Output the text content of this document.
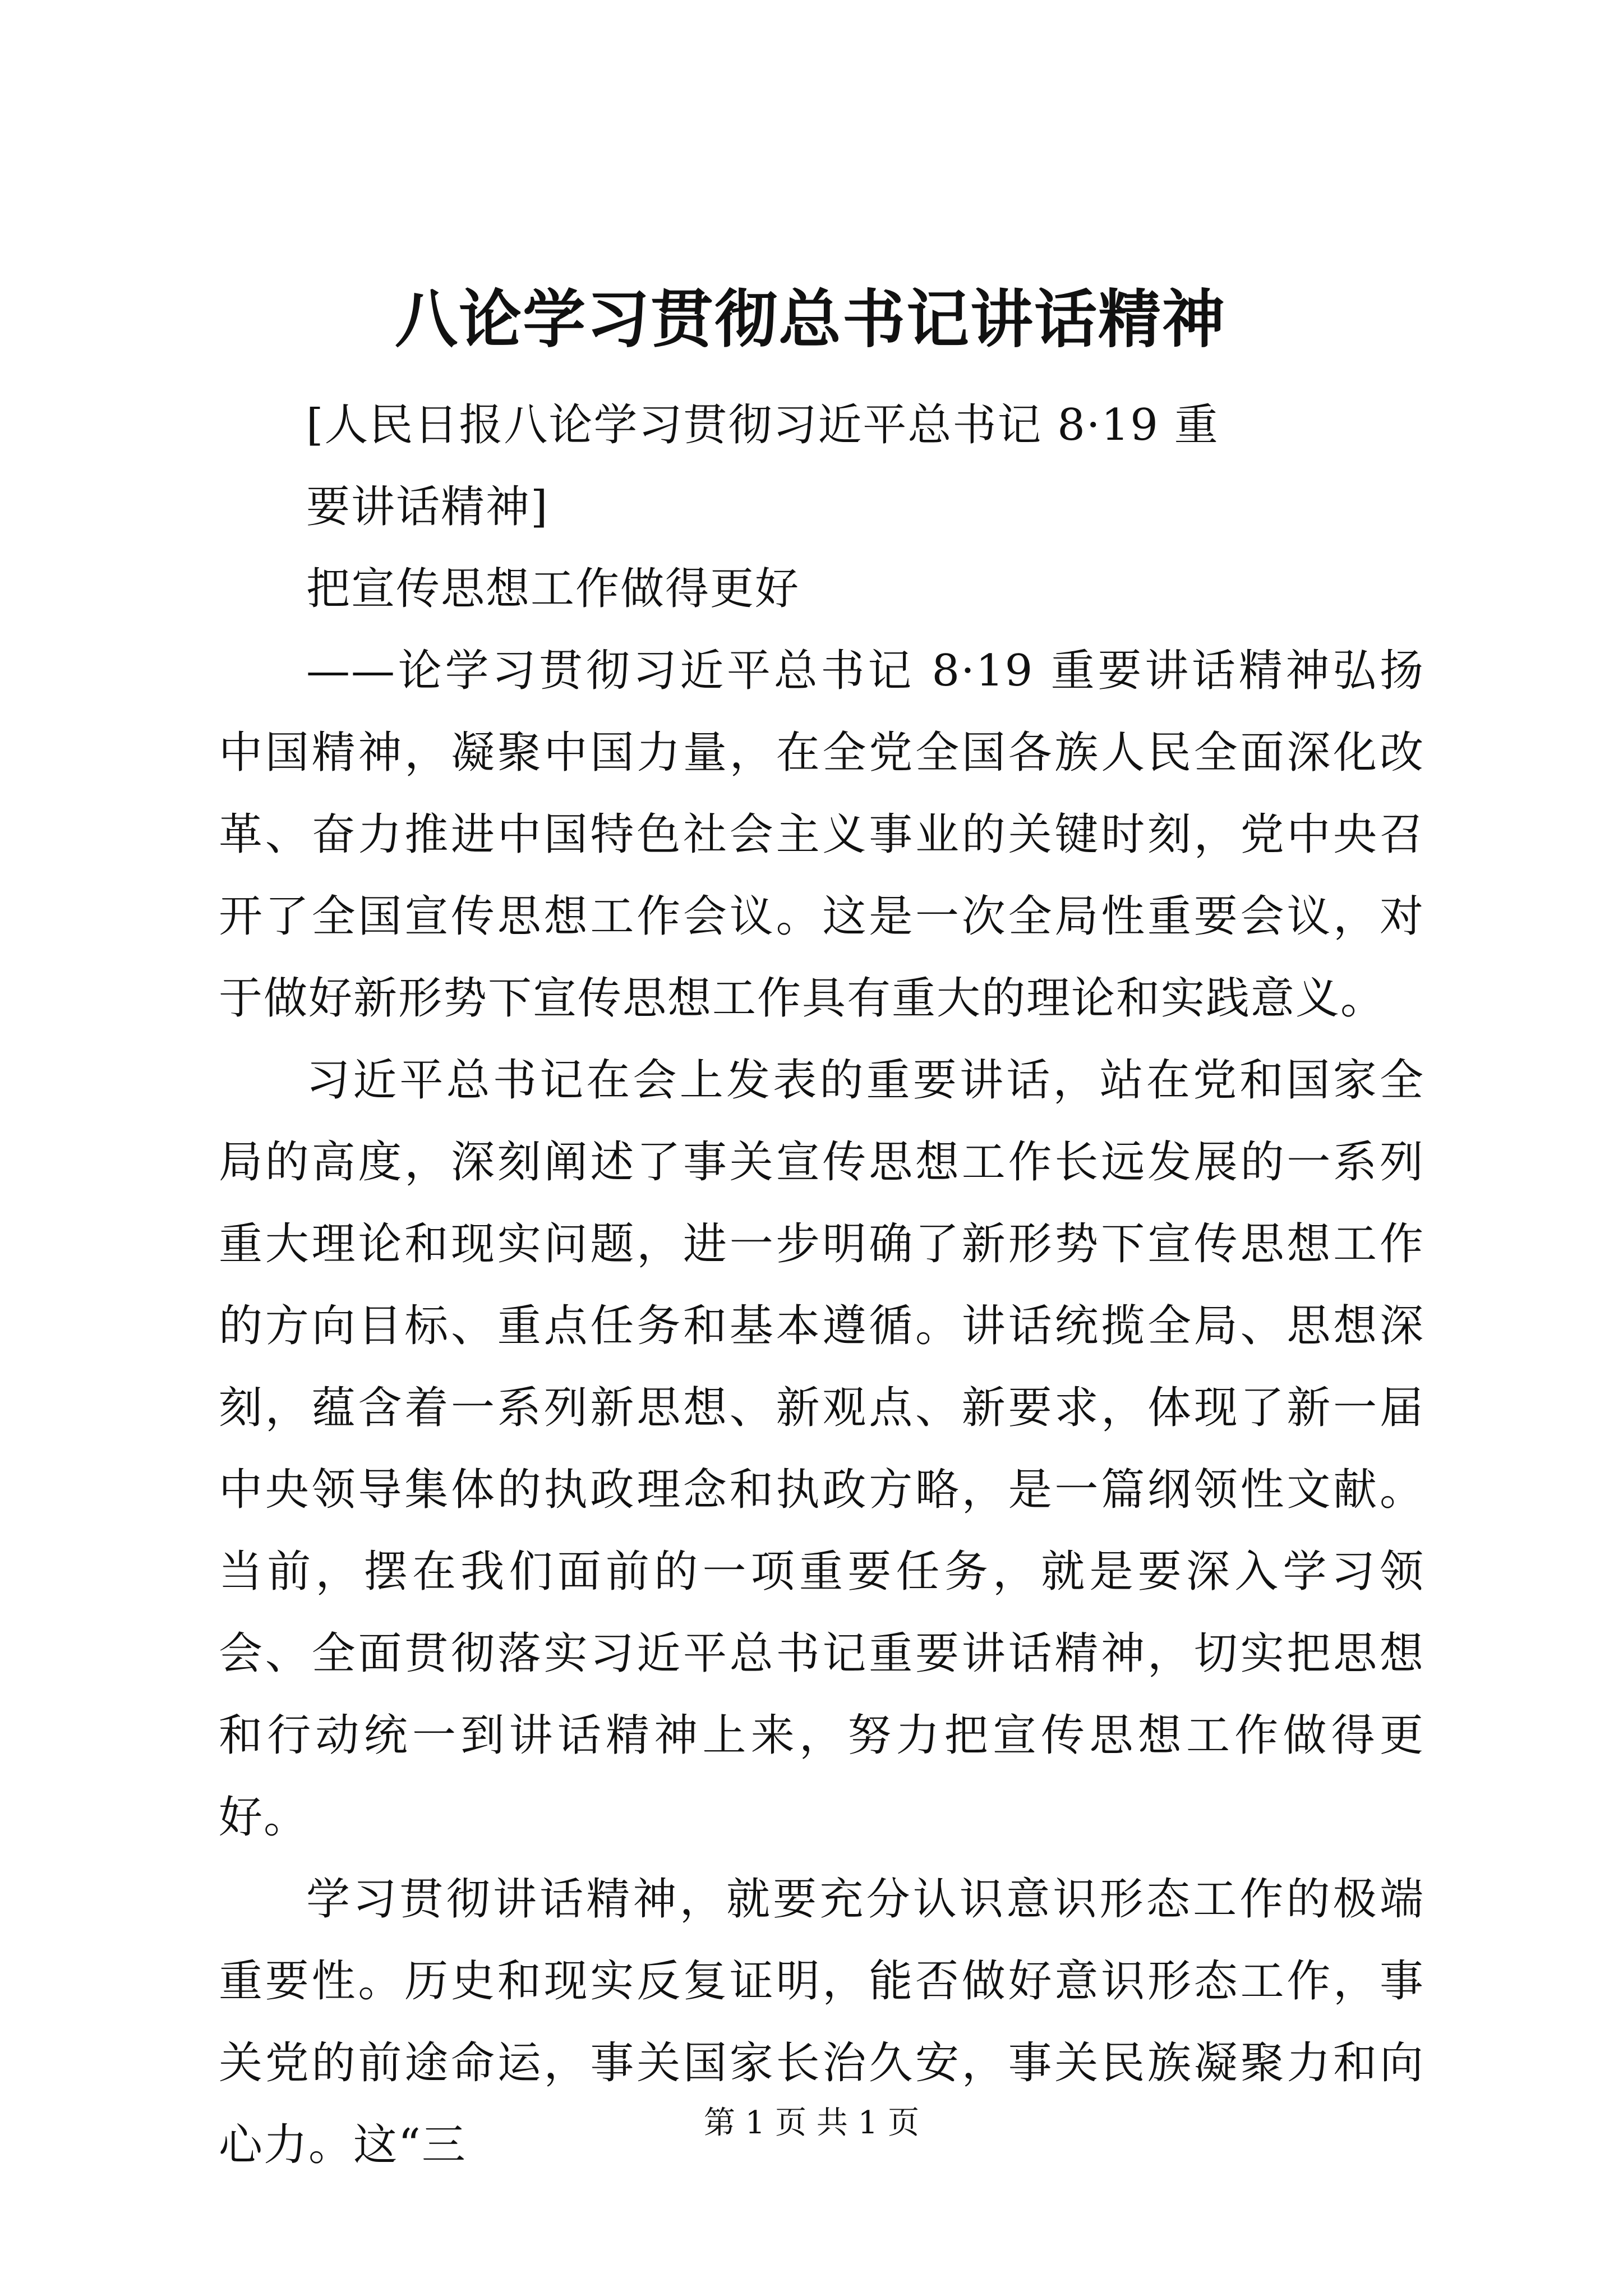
八论学习贯彻总书记讲话精神

[人民日报八论学习贯彻习近平总书记 8·19 重

要讲话精神]

把宣传思想工作做得更好

——论学习贯彻习近平总书记 8·19 重要讲话精神弘扬中国精神，凝聚中国力量，在全党全国各族人民全面深化改革、奋力推进中国特色社会主义事业的关键时刻，党中央召开了全国宣传思想工作会议。这是一次全局性重要会议，对于做好新形势下宣传思想工作具有重大的理论和实践意义。

习近平总书记在会上发表的重要讲话，站在党和国家全局的高度，深刻阐述了事关宣传思想工作长远发展的一系列重大理论和现实问题，进一步明确了新形势下宣传思想工作的方向目标、重点任务和基本遵循。讲话统揽全局、思想深刻，蕴含着一系列新思想、新观点、新要求，体现了新一届中央领导集体的执政理念和执政方略，是一篇纲领性文献。当前，摆在我们面前的一项重要任务，就是要深入学习领会、全面贯彻落实习近平总书记重要讲话精神，切实把思想和行动统一到讲话精神上来，努力把宣传思想工作做得更好。

学习贯彻讲话精神，就要充分认识意识形态工作的极端重要性。历史和现实反复证明，能否做好意识形态工作，事关党的前途命运，事关国家长治久安，事关民族凝聚力和向心力。这“三	第 1 页 共 1 页
